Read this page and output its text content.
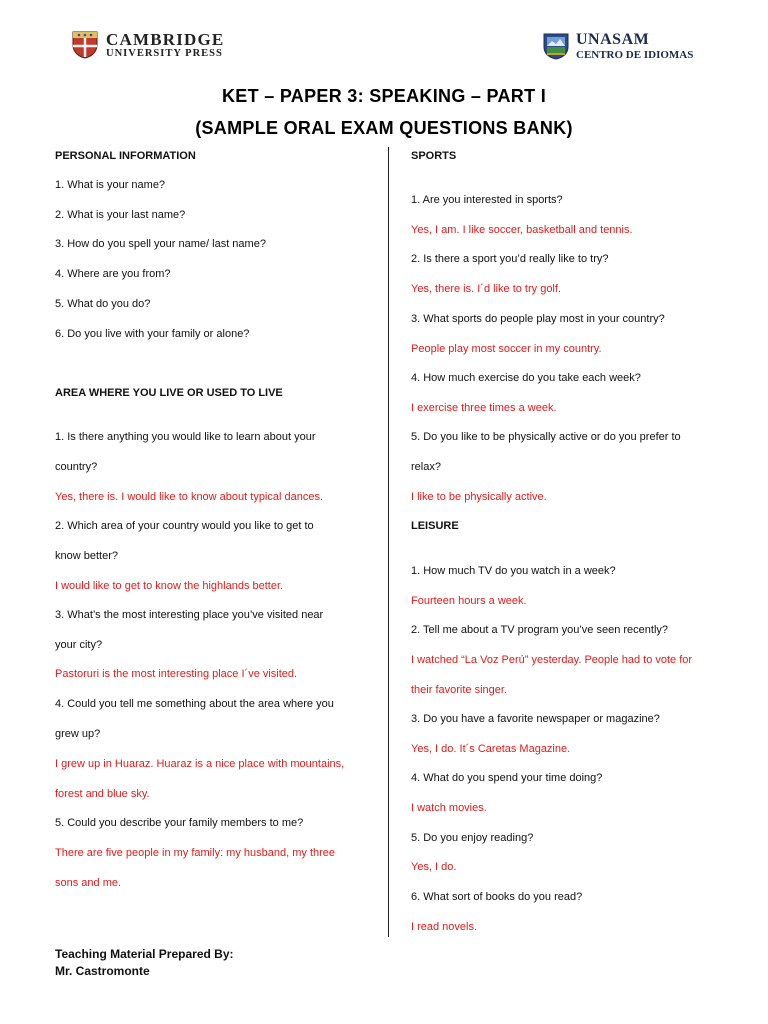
CAMBRIDGE
UNIVERSITY PRESS
UNASAM
CENTRO DE IDIOMAS
KET – PAPER 3: SPEAKING – PART I
(SAMPLE ORAL EXAM QUESTIONS BANK)
PERSONAL INFORMATION
1. What is your name?
2. What is your last name?
3. How do you spell your name/ last name?
4. Where are you from?
5. What do you do?
6. Do you live with your family or alone?
AREA WHERE YOU LIVE OR USED TO LIVE
1. Is there anything you would like to learn about your
country?
Yes, there is. I would like to know about typical dances.
2. Which area of your country would you like to get to
know better?
I would like to get to know the highlands better.
3. What’s the most interesting place you’ve visited near
your city?
Pastoruri is the most interesting place I´ve visited.
4. Could you tell me something about the area where you
grew up?
I grew up in Huaraz. Huaraz is a nice place with mountains,
forest and blue sky.
5. Could you describe your family members to me?
There are five people in my family: my husband, my three
sons and me.
SPORTS
1. Are you interested in sports?
Yes, I am. I like soccer, basketball and tennis.
2. Is there a sport you’d really like to try?
Yes, there is. I´d like to try golf.
3. What sports do people play most in your country?
People play most soccer in my country.
4. How much exercise do you take each week?
I exercise three times a week.
5. Do you like to be physically active or do you prefer to
relax?
I like to be physically active.
LEISURE
1. How much TV do you watch in a week?
Fourteen hours a week.
2. Tell me about a TV program you’ve seen recently?
I watched “La Voz Perú” yesterday. People had to vote for
their favorite singer.
3. Do you have a favorite newspaper or magazine?
Yes, I do. It´s Caretas Magazine.
4. What do you spend your time doing?
I watch movies.
5. Do you enjoy reading?
Yes, I do.
6. What sort of books do you read?
I read novels.
Teaching Material Prepared By:
Mr. Castromonte
